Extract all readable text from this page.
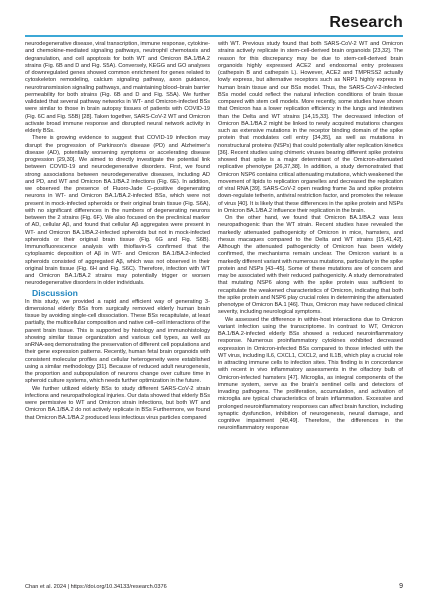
Research

neurodegenerative disease, viral transcription, immune response, cytokine- and chemokine-mediated signaling pathways, neutrophil chemotaxis and degranulation, and cell apoptosis for both WT and Omicron BA.1/BA.2 strains (Fig. 6B and D and Fig. S5A). Conversely, KEGG and GO analyses of downregulated genes showed common enrichment for genes related to cytoskeleton remodeling, calcium signaling pathway, axon guidance, neurotransmission signaling pathways, and maintaining blood–brain barrier permeability for both strains (Fig. 6B and D and Fig. S5A). We further validated that several pathway networks in WT- and Omicron-infected BSs were similar to those in brain autopsy tissues of patients with COVID-19 (Fig. 6C and Fig. S5B) [28]. Taken together, SARS-CoV-2 WT and Omicron activate broad immune response and disrupted neural network activity in elderly BSs.

There is growing evidence to suggest that COVID-19 infection may disrupt the progression of Parkinson's disease (PD) and Alzheimer's disease (AD), potentially worsening symptoms or accelerating disease progression [29,30]. We aimed to directly investigate the potential link between COVID-19 and neurodegenerative disorders. First, we found strong associations between neurodegenerative diseases, including AD and PD, and WT and Omicron BA.1/BA.2 infections (Fig. 6E). In addition, we observed the presence of Fluoro-Jade C–positive degenerating neurons in WT- and Omicron BA.1/BA.2-infected BSs, which were not present in mock-infected spheroids or their original brain tissue (Fig. S6A), with no significant differences in the numbers of degenerating neurons between the 2 strains (Fig. 6F). We also focused on the preclinical marker of AD, cellular Aβ, and found that cellular Aβ aggregates were present in WT- and Omicron BA.1/BA.2-infected spheroids but not in mock-infected spheroids or their original brain tissue (Fig. 6G and Fig. S6B). Immunofluorescence analysis with thioflavin-S confirmed that the cytoplasmic deposition of Aβ in WT- and Omicron BA.1/BA.2-infected spheroids consisted of aggregated Aβ, which was not observed in their original brain tissue (Fig. 6H and Fig. S6C). Therefore, infection with WT and Omicron BA.1/BA.2 strains may potentially trigger or worsen neurodegenerative disorders in older individuals.

Discussion

In this study, we provided a rapid and efficient way of generating 3-dimensional elderly BSs from surgically removed elderly human brain tissue by avoiding single-cell dissociation. These BSs recapitulate, at least partially, the multicellular composition and native cell–cell interactions of the parent brain tissue. This is supported by histology and immunohistology showing similar tissue organization and various cell types, as well as snRNA-seq demonstrating the preservation of different cell populations and their gene expression patterns. Recently, human fetal brain organoids with consistent molecular profiles and cellular heterogeneity were established using a similar methodology [31]. Because of reduced adult neurogenesis, the proportion and subpopulation of neurons change over culture time in spheroid culture systems, which needs further optimization in the future.

We further utilized elderly BSs to study different SARS-CoV-2 strain infections and neuropathological injuries. Our data showed that elderly BSs were permissive to WT and Omicron strain infections, but both WT and Omicron BA.1/BA.2 do not actively replicate in BSs Furthermore, we found that Omicron BA.1/BA.2 produced less infectious virus particles compared

with WT. Previous study found that both SARS-CoV-2 WT and Omicron strains actively replicate in stem-cell-derived brain organoids [23,32]. The reason for this discrepancy may be due to stem-cell-derived brain organoids highly expressed ACE2 and endosomal entry proteases (cathepsin B and cathepsin L). However, ACE2 and TMPRSS2 actually lowly express, but alternative receptors such as NRP1 highly express in human brain tissue and our BSs model. Thus, the SARS-CoV-2-infected BSs model could reflect the natural infection conditions of brain tissue compared with stem cell models. More recently, some studies have shown that Omicron has a lower replication efficiency in the lungs and intestines than the Delta and WT strains [14,15,33]. The decreased infection of Omicron BA.1/BA.2 might be linked to newly acquired mutations changes such as extensive mutations in the receptor binding domain of the spike protein that modulates cell entry [34,35], as well as mutations in nonstructural proteins (NSPs) that could potentially alter replication kinetics [36]. Recent studies using chimeric viruses bearing different spike proteins showed that spike is a major determinant of the Omicron-attenuated replicative phenotype [26,37,38]. In addition, a study demonstrated that Omicron NSP6 contains critical attenuating mutations, which weakened the movement of lipids to replication organelles and decreased the replication of viral RNA [39]. SARS-CoV-2 open reading frame 3a and spike proteins down-regulate tetherin, antiviral restriction factor, and promotes the release of virus [40]. It is likely that these differences in the spike protein and NSPs in Omicron BA.1/BA.2 influence their replication in the brain.

On the other hand, we found that Omicron BA.1/BA.2 was less neuropathogenic than the WT strain. Recent studies have revealed the markedly attenuated pathogenicity of Omicron in mice, hamsters, and rhesus macaques compared to the Delta and WT strains [15,41,42]. Although the attenuated pathogenicity of Omicron has been widely confirmed, the mechanisms remain unclear. The Omicron variant is a markedly different variant with numerous mutations, particularly in the spike protein and NSPs [43–45]. Some of these mutations are of concern and may be associated with their reduced pathogenicity. A study demonstrated that mutating NSP6 along with the spike protein was sufficient to recapitulate the weakened characteristics of Omicron, indicating that both the spike protein and NSP6 play crucial roles in determining the attenuated phenotype of Omicron BA.1 [46]. Thus, Omicron may have reduced clinical severity, including neurological symptoms.

We assessed the difference in within-host interactions due to Omicron variant infection using the transcriptome. In contrast to WT, Omicron BA.1/BA.2-infected elderly BSs showed a reduced neuroinflammatory response. Numerous proinflammatory cytokines exhibited decreased expression in Omicron-infected BSs compared to those infected with the WT virus, including IL6, CXCL1, CXCL2, and IL1B, which play a crucial role in attracting immune cells to infection sites. This finding is in concordance with recent in vivo inflammatory assessments in the olfactory bulb of Omicron-infected hamsters [47]. Microglia, as integral components of the immune system, serve as the brain's sentinel cells and detectors of invading pathogens. The proliferation, accumulation, and activation of microglia are typical characteristics of brain inflammation. Excessive and prolonged neuroinflammatory responses can affect brain function, including synaptic dysfunction, inhibition of neurogenesis, neural damage, and cognitive impairment [48,49]. Therefore, the differences in the neuroinflammatory response

Chan et al. 2024 | https://doi.org/10.34133/research.0376	9
